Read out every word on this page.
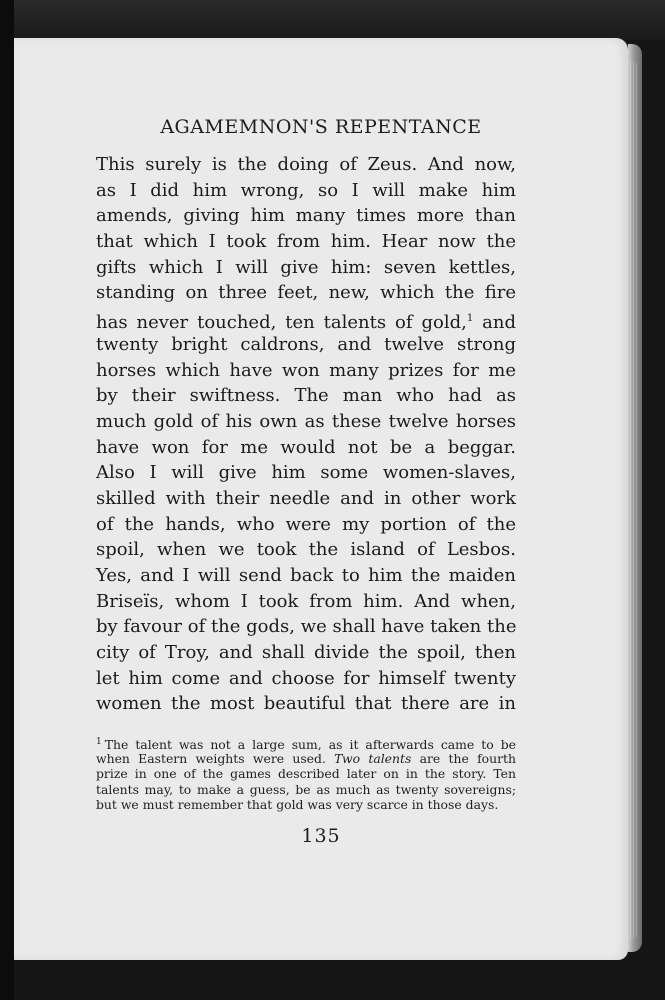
AGAMEMNON'S REPENTANCE
This surely is the doing of Zeus. And now,
as I did him wrong, so I will make him
amends, giving him many times more than
that which I took from him. Hear now the
gifts which I will give him: seven kettles,
standing on three feet, new, which the fire
has never touched, ten talents of gold,$^1$ and
twenty bright caldrons, and twelve strong
horses which have won many prizes for me
by their swiftness. The man who had as
much gold of his own as these twelve horses
have won for me would not be a beggar.
Also I will give him some women-slaves,
skilled with their needle and in other work
of the hands, who were my portion of the
spoil, when we took the island of Lesbos.
Yes, and I will send back to him the maiden
Briseïs, whom I took from him. And when,
by favour of the gods, we shall have taken the
city of Troy, and shall divide the spoil, then
let him come and choose for himself twenty
women the most beautiful that there are in
$^1$ The talent was not a large sum, as it afterwards came to be
when Eastern weights were used. Two talents are the fourth
prize in one of the games described later on in the story. Ten
talents may, to make a guess, be as much as twenty sovereigns;
but we must remember that gold was very scarce in those days.
135
